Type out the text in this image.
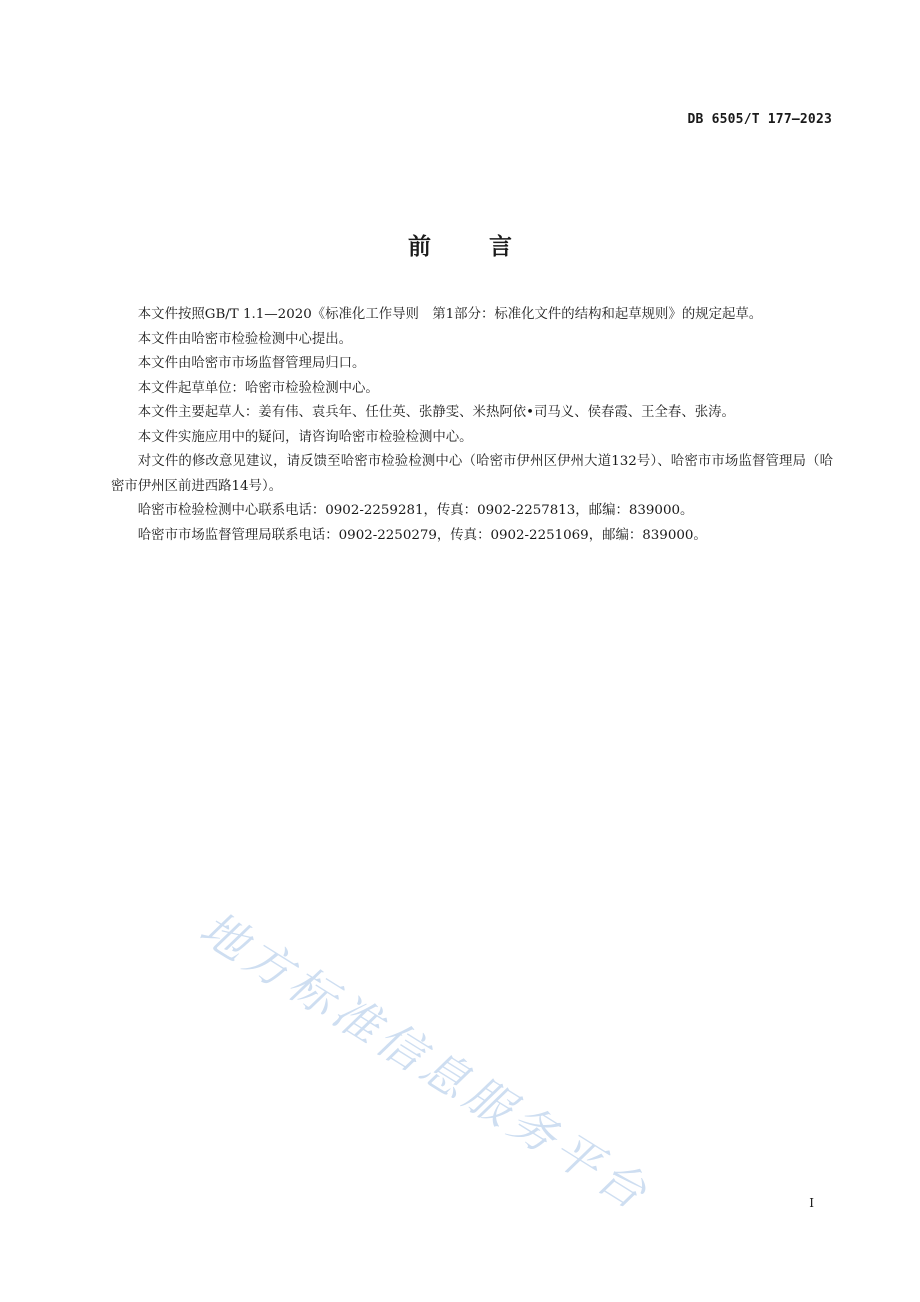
DB 6505/T 177—2023
前言

本文件按照GB/T 1.1—2020《标准化工作导则　第1部分：标准化文件的结构和起草规则》的规定起草。

本文件由哈密市检验检测中心提出。

本文件由哈密市市场监督管理局归口。

本文件起草单位：哈密市检验检测中心。

本文件主要起草人：姜有伟、袁兵年、任仕英、张静雯、米热阿依•司马义、侯春霞、王全春、张涛。

本文件实施应用中的疑问，请咨询哈密市检验检测中心。

对文件的修改意见建议，请反馈至哈密市检验检测中心（哈密市伊州区伊州大道132号）、哈密市市场监督管理局（哈密市伊州区前进西路14号）。

哈密市检验检测中心联系电话：0902-2259281，传真：0902-2257813，邮编：839000。

哈密市市场监督管理局联系电话：0902-2250279，传真：0902-2251069，邮编：839000。

地方标准信息服务平台	I
